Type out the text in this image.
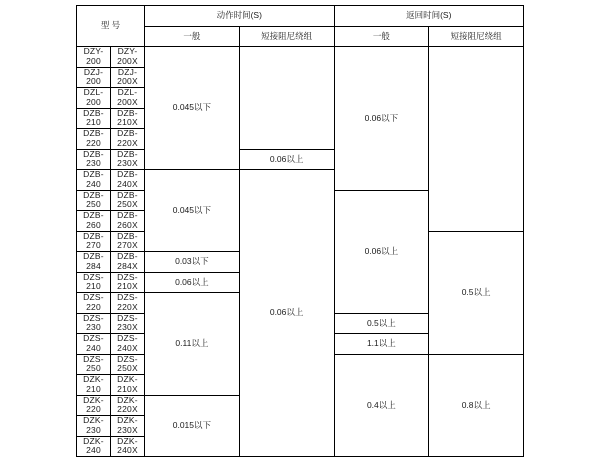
型 号		动作时间(S)		返回时间(S)	
		一般	短接阻尼绕组	一般	短接阻尼绕组
DZY-200	DZY-200X	0.045以下		0.06以下	
DZJ-200	DZJ-200X				
DZL-200	DZL-200X				
DZB-210	DZB-210X				
DZB-220	DZB-220X				
DZB-230	DZB-230X		0.06以上		
DZB-240	DZB-240X	0.045以下	0.06以上		
DZB-250	DZB-250X			0.06以上	
DZB-260	DZB-260X				
DZB-270	DZB-270X				0.5以上
DZB-284	DZB-284X	0.03以下			
DZS-210	DZS-210X	0.06以上			
DZS-220	DZS-220X	0.11以上			
DZS-230	DZS-230X			0.5以上	
DZS-240	DZS-240X			1.1以上	
DZS-250	DZS-250X			0.4以上	0.8以上
DZK-210	DZK-210X				
DZK-220	DZK-220X	0.015以下			
DZK-230	DZK-230X				
DZK-240	DZK-240X				
